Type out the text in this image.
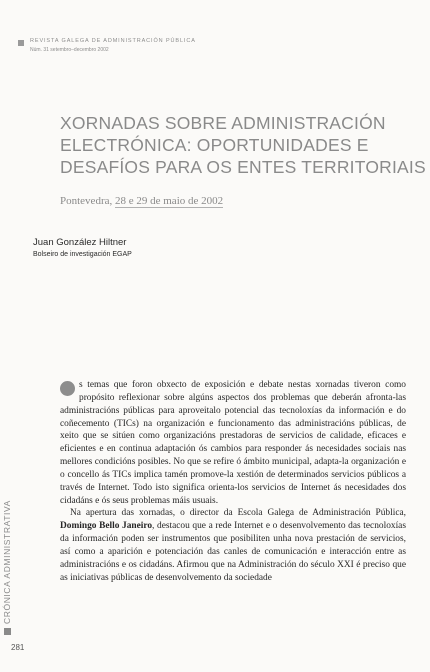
REVISTA GALEGA DE ADMINISTRACIÓN PÚBLICA
Núm. 31 setembro–decembro 2002
XORNADAS SOBRE ADMINISTRACIÓN
ELECTRÓNICA: OPORTUNIDADES E
DESAFÍOS PARA OS ENTES TERRITORIAIS
Pontevedra, 28 e 29 de maio de 2002
Juan González Hiltner
Bolseiro de investigación EGAP

s temas que foron obxecto de exposición e debate nestas xornadas tiveron como propósito reflexionar sobre algúns aspectos dos problemas que deberán afronta-las administracións públicas para aproveitalo potencial das tecnoloxías da información e do coñecemento (TICs) na organización e funcionamento das administracións públicas, de xeito que se sitúen como organizacións prestadoras de servicios de calidade, eficaces e eficientes e en continua adaptación ós cambios para responder ás necesidades sociais nas mellores condicións posibles. No que se refire ó ámbito municipal, adapta-la organización e o concello ás TICs implica tamén promove-la xestión de determinados servicios públicos a través de Internet. Todo isto significa orienta-los servicios de Internet ás necesidades dos cidadáns e ós seus problemas máis usuais.

Na apertura das xornadas, o director da Escola Galega de Administración Pública, Domingo Bello Janeiro, destacou que a rede Internet e o desenvolvemento das tecnoloxías da información poden ser instrumentos que posibiliten unha nova prestación de servicios, así como a aparición e potenciación das canles de comunicación e interacción entre as administracións e os cidadáns. Afirmou que na Administración do século XXI é preciso que as iniciativas públicas de desenvolvemento da sociedade

CRÓNICA ADMINISTRATIVA
281
